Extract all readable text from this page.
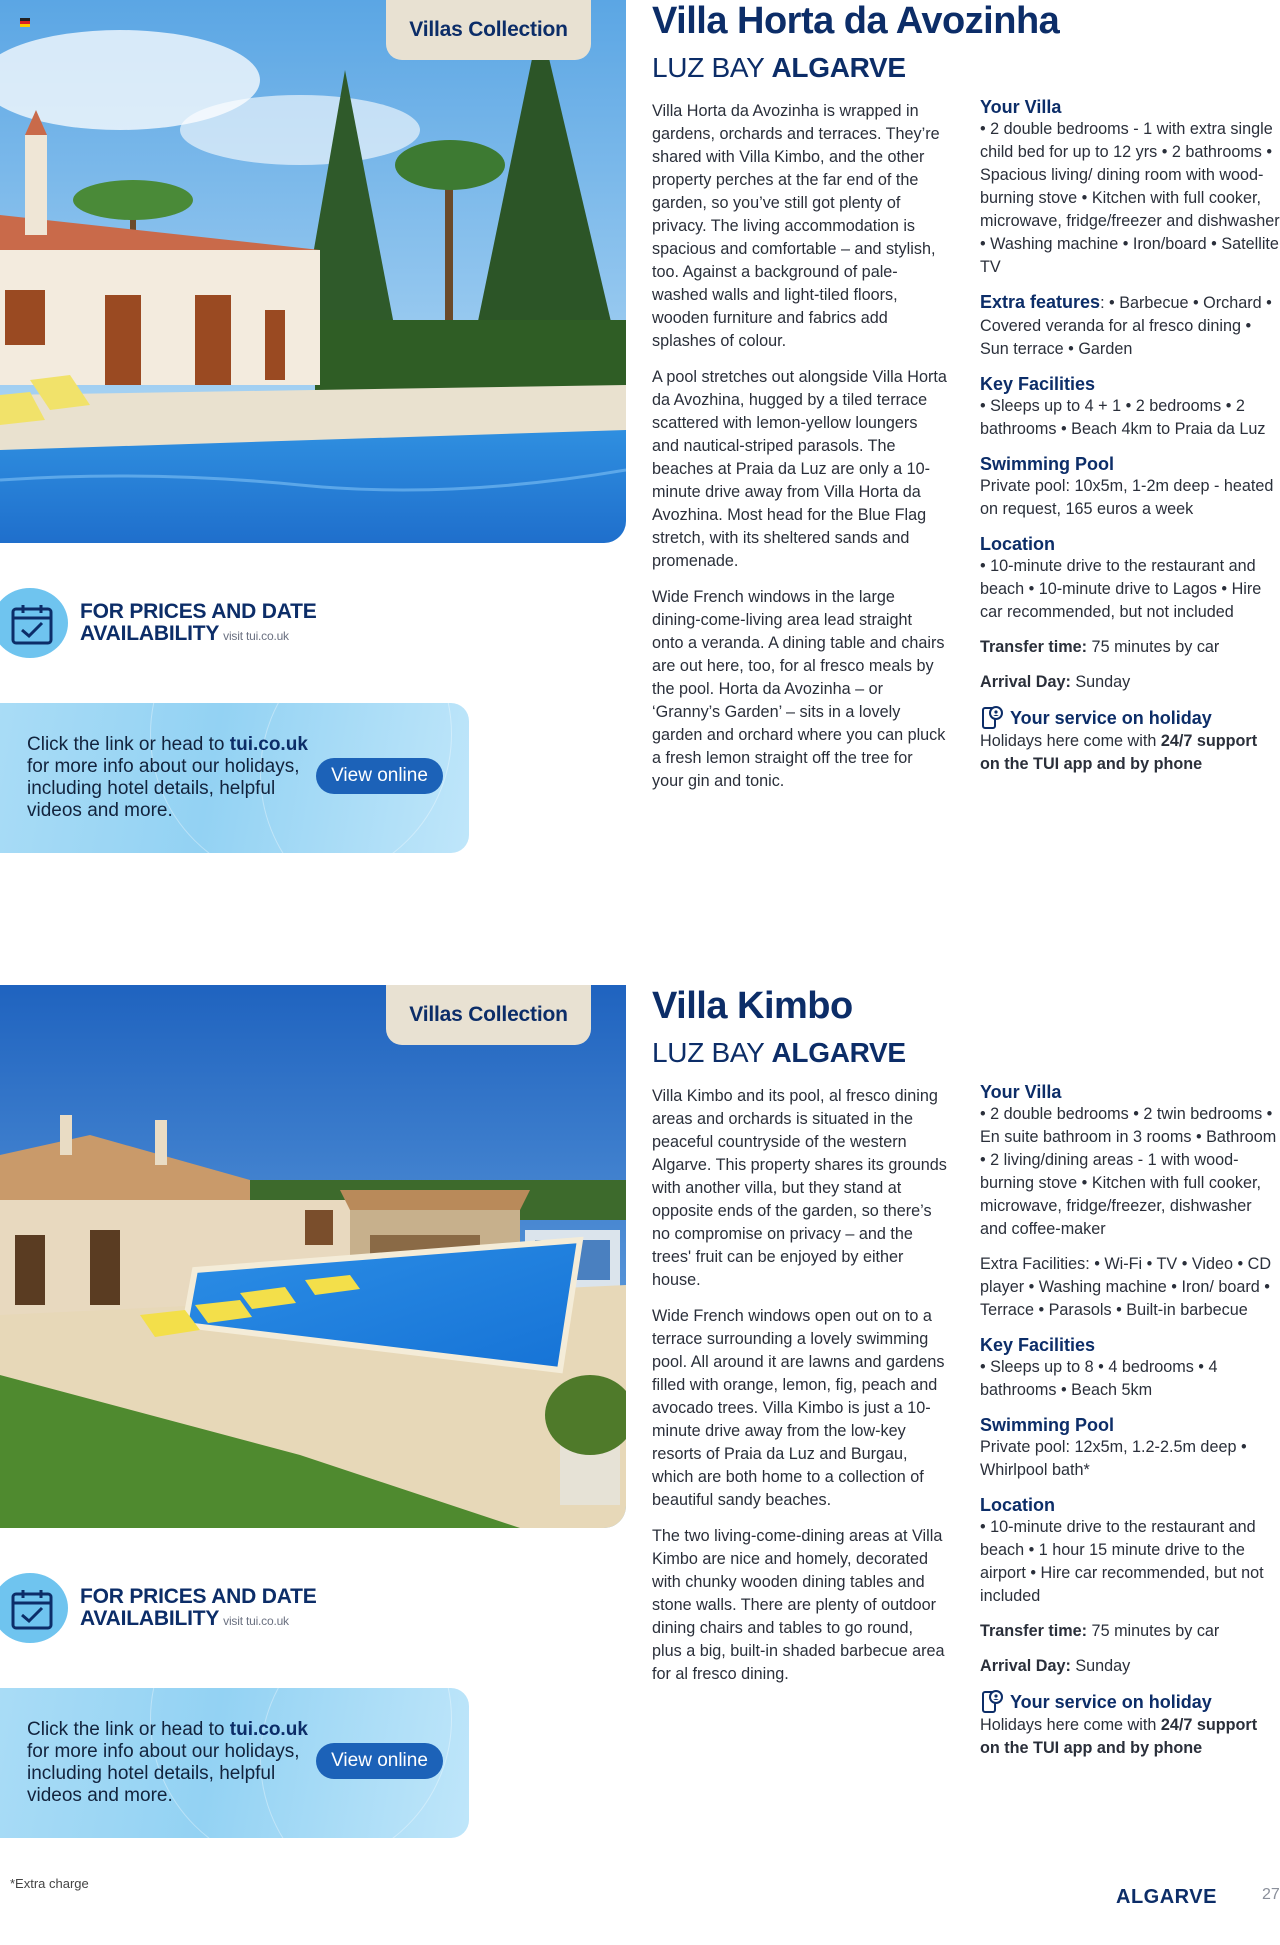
Villas Collection
FOR PRICES AND DATE
AVAILABILITY visit tui.co.uk
Click the link or head to tui.co.uk for more info about our holidays, including hotel details, helpful videos and more.
View online
Villa Horta da Avozinha
LUZ BAY ALGARVE

Villa Horta da Avozinha is wrapped in gardens, orchards and terraces. They’re shared with Villa Kimbo, and the other property perches at the far end of the garden, so you’ve still got plenty of privacy. The living accommodation is spacious and comfortable – and stylish, too. Against a background of pale-washed walls and light-tiled floors, wooden furniture and fabrics add splashes of colour.

A pool stretches out alongside Villa Horta da Avozhina, hugged by a tiled terrace scattered with lemon-yellow loungers and nautical-striped parasols. The beaches at Praia da Luz are only a 10-minute drive away from Villa Horta da Avozhina. Most head for the Blue Flag stretch, with its sheltered sands and promenade.

Wide French windows in the large dining-come-living area lead straight onto a veranda. A dining table and chairs are out here, too, for al fresco meals by the pool. Horta da Avozinha – or ‘Granny’s Garden’ – sits in a lovely garden and orchard where you can pluck a fresh lemon straight off the tree for your gin and tonic.

Your Villa
• 2 double bedrooms - 1 with extra single child bed for up to 12 yrs • 2 bathrooms • Spacious living/ dining room with wood-burning stove • Kitchen with full cooker, microwave, fridge/freezer and dishwasher • Washing machine • Iron/board • Satellite TV
Extra features: • Barbecue • Orchard • Covered veranda for al fresco dining • Sun terrace • Garden
Key Facilities
• Sleeps up to 4 + 1 • 2 bedrooms • 2 bathrooms • Beach 4km to Praia da Luz
Swimming Pool
Private pool: 10x5m, 1-2m deep - heated on request, 165 euros a week
Location
• 10-minute drive to the restaurant and beach • 10-minute drive to Lagos • Hire car recommended, but not included
Transfer time: 75 minutes by car
Arrival Day: Sunday
Your service on holiday
Holidays here come with 24/7 support on the TUI app and by phone
Villas Collection
FOR PRICES AND DATE
AVAILABILITY visit tui.co.uk
Click the link or head to tui.co.uk for more info about our holidays, including hotel details, helpful videos and more.
View online
Villa Kimbo
LUZ BAY ALGARVE

Villa Kimbo and its pool, al fresco dining areas and orchards is situated in the peaceful countryside of the western Algarve. This property shares its grounds with another villa, but they stand at opposite ends of the garden, so there’s no compromise on privacy – and the trees' fruit can be enjoyed by either house.

Wide French windows open out on to a terrace surrounding a lovely swimming pool. All around it are lawns and gardens filled with orange, lemon, fig, peach and avocado trees. Villa Kimbo is just a 10-minute drive away from the low-key resorts of Praia da Luz and Burgau, which are both home to a collection of beautiful sandy beaches.

The two living-come-dining areas at Villa Kimbo are nice and homely, decorated with chunky wooden dining tables and stone walls. There are plenty of outdoor dining chairs and tables to go round, plus a big, built-in shaded barbecue area for al fresco dining.

Your Villa
• 2 double bedrooms • 2 twin bedrooms • En suite bathroom in 3 rooms • Bathroom • 2 living/dining areas - 1 with wood-burning stove • Kitchen with full cooker, microwave, fridge/freezer, dishwasher and coffee-maker
Extra Facilities: • Wi-Fi • TV • Video • CD player • Washing machine • Iron/ board • Terrace • Parasols • Built-in barbecue
Key Facilities
• Sleeps up to 8 • 4 bedrooms • 4 bathrooms • Beach 5km
Swimming Pool
Private pool: 12x5m, 1.2-2.5m deep • Whirlpool bath*
Location
• 10-minute drive to the restaurant and beach • 1 hour 15 minute drive to the airport • Hire car recommended, but not included
Transfer time: 75 minutes by car
Arrival Day: Sunday
Your service on holiday
Holidays here come with 24/7 support on the TUI app and by phone
*Extra charge
ALGARVE	27
